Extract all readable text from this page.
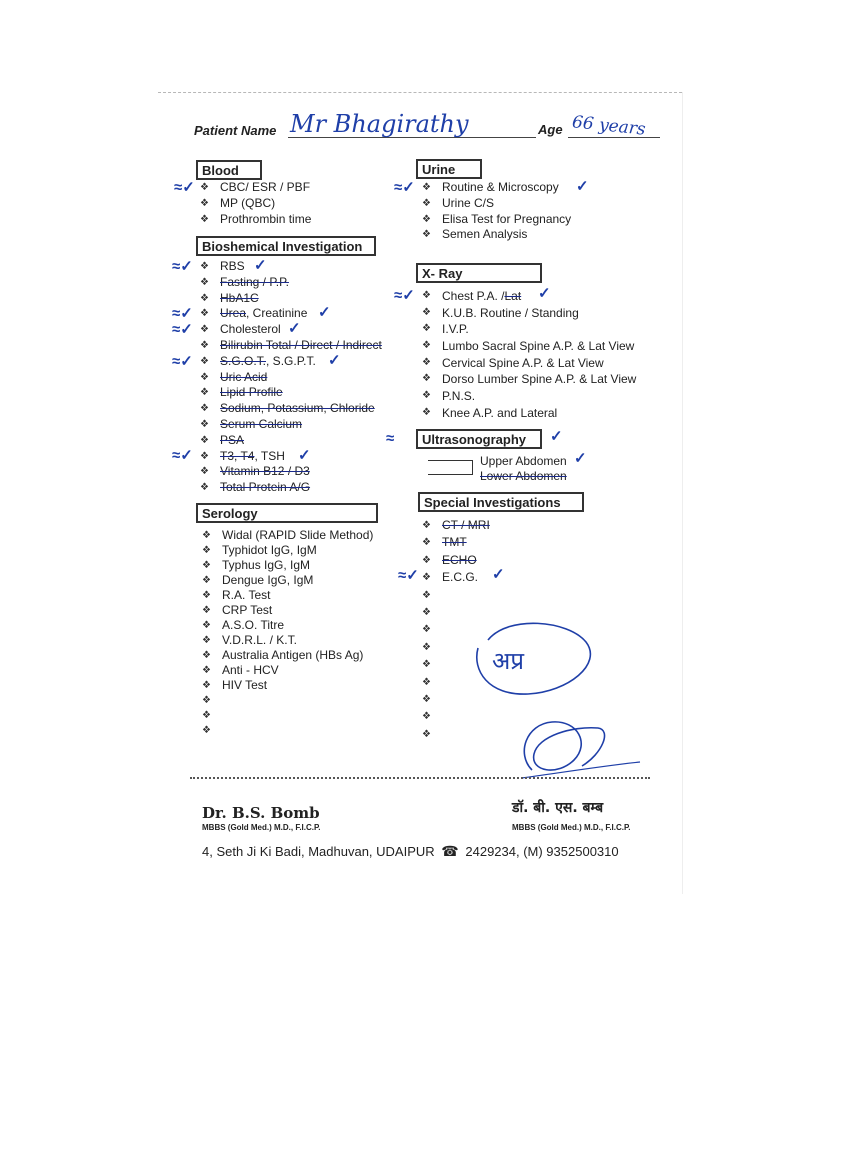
Patient Name Mr Bhagirathy	Age 66 years
Blood
❖ CBC/ ESR / PBF
❖ MP (QBC)
❖ Prothrombin time
≈✓
Bioshemical Investigation
❖ RBS
❖ Fasting / P.P.
❖ HbA1C
❖ Urea, Creatinine
❖ Cholesterol
❖ Bilirubin Total / Direct / Indirect
❖ S.G.O.T., S.G.P.T.
❖ Uric Acid
❖ Lipid Profile
❖ Sodium, Potassium, Chloride
❖ Serum Calcium
❖ PSA
❖ T3, T4, TSH
❖ Vitamin B12 / D3
❖ Total Protein A/G
≈✓
≈✓
≈✓
≈✓
≈✓
✓
✓
✓
✓
✓
Serology
❖ Widal (RAPID Slide Method)
❖ Typhidot IgG, IgM
❖ Typhus IgG, IgM
❖ Dengue IgG, IgM
❖ R.A. Test
❖ CRP Test
❖ A.S.O. Titre
❖ V.D.R.L. / K.T.
❖ Australia Antigen (HBs Ag)
❖ Anti - HCV
❖ HIV Test
❖
❖
❖
Urine
❖ Routine & Microscopy
❖ Urine C/S
❖ Elisa Test for Pregnancy
❖ Semen Analysis
≈✓	✓
X- Ray
❖ Chest P.A. /Lat
❖ K.U.B. Routine / Standing
❖ I.V.P.
❖ Lumbo Sacral Spine A.P. & Lat View
❖ Cervical Spine A.P. & Lat View
❖ Dorso Lumber Spine A.P. & Lat View
❖ P.N.S.
❖ Knee A.P. and Lateral
≈✓	✓
Ultrasonography
≈	✓
Upper Abdomen ✓
Lower Abdomen
Special Investigations
❖ CT / MRI
❖ TMT
❖ ECHO
❖ E.C.G.
❖
❖
❖
❖
❖
❖
❖
❖
❖
≈✓	✓
अप्र
Dr. B.S. Bomb
MBBS (Gold Med.) M.D., F.I.C.P.
डॉ. बी. एस. बम्ब
MBBS (Gold Med.) M.D., F.I.C.P.
4, Seth Ji Ki Badi, Madhuvan, UDAIPUR ☎ 2429234, (M) 9352500310
